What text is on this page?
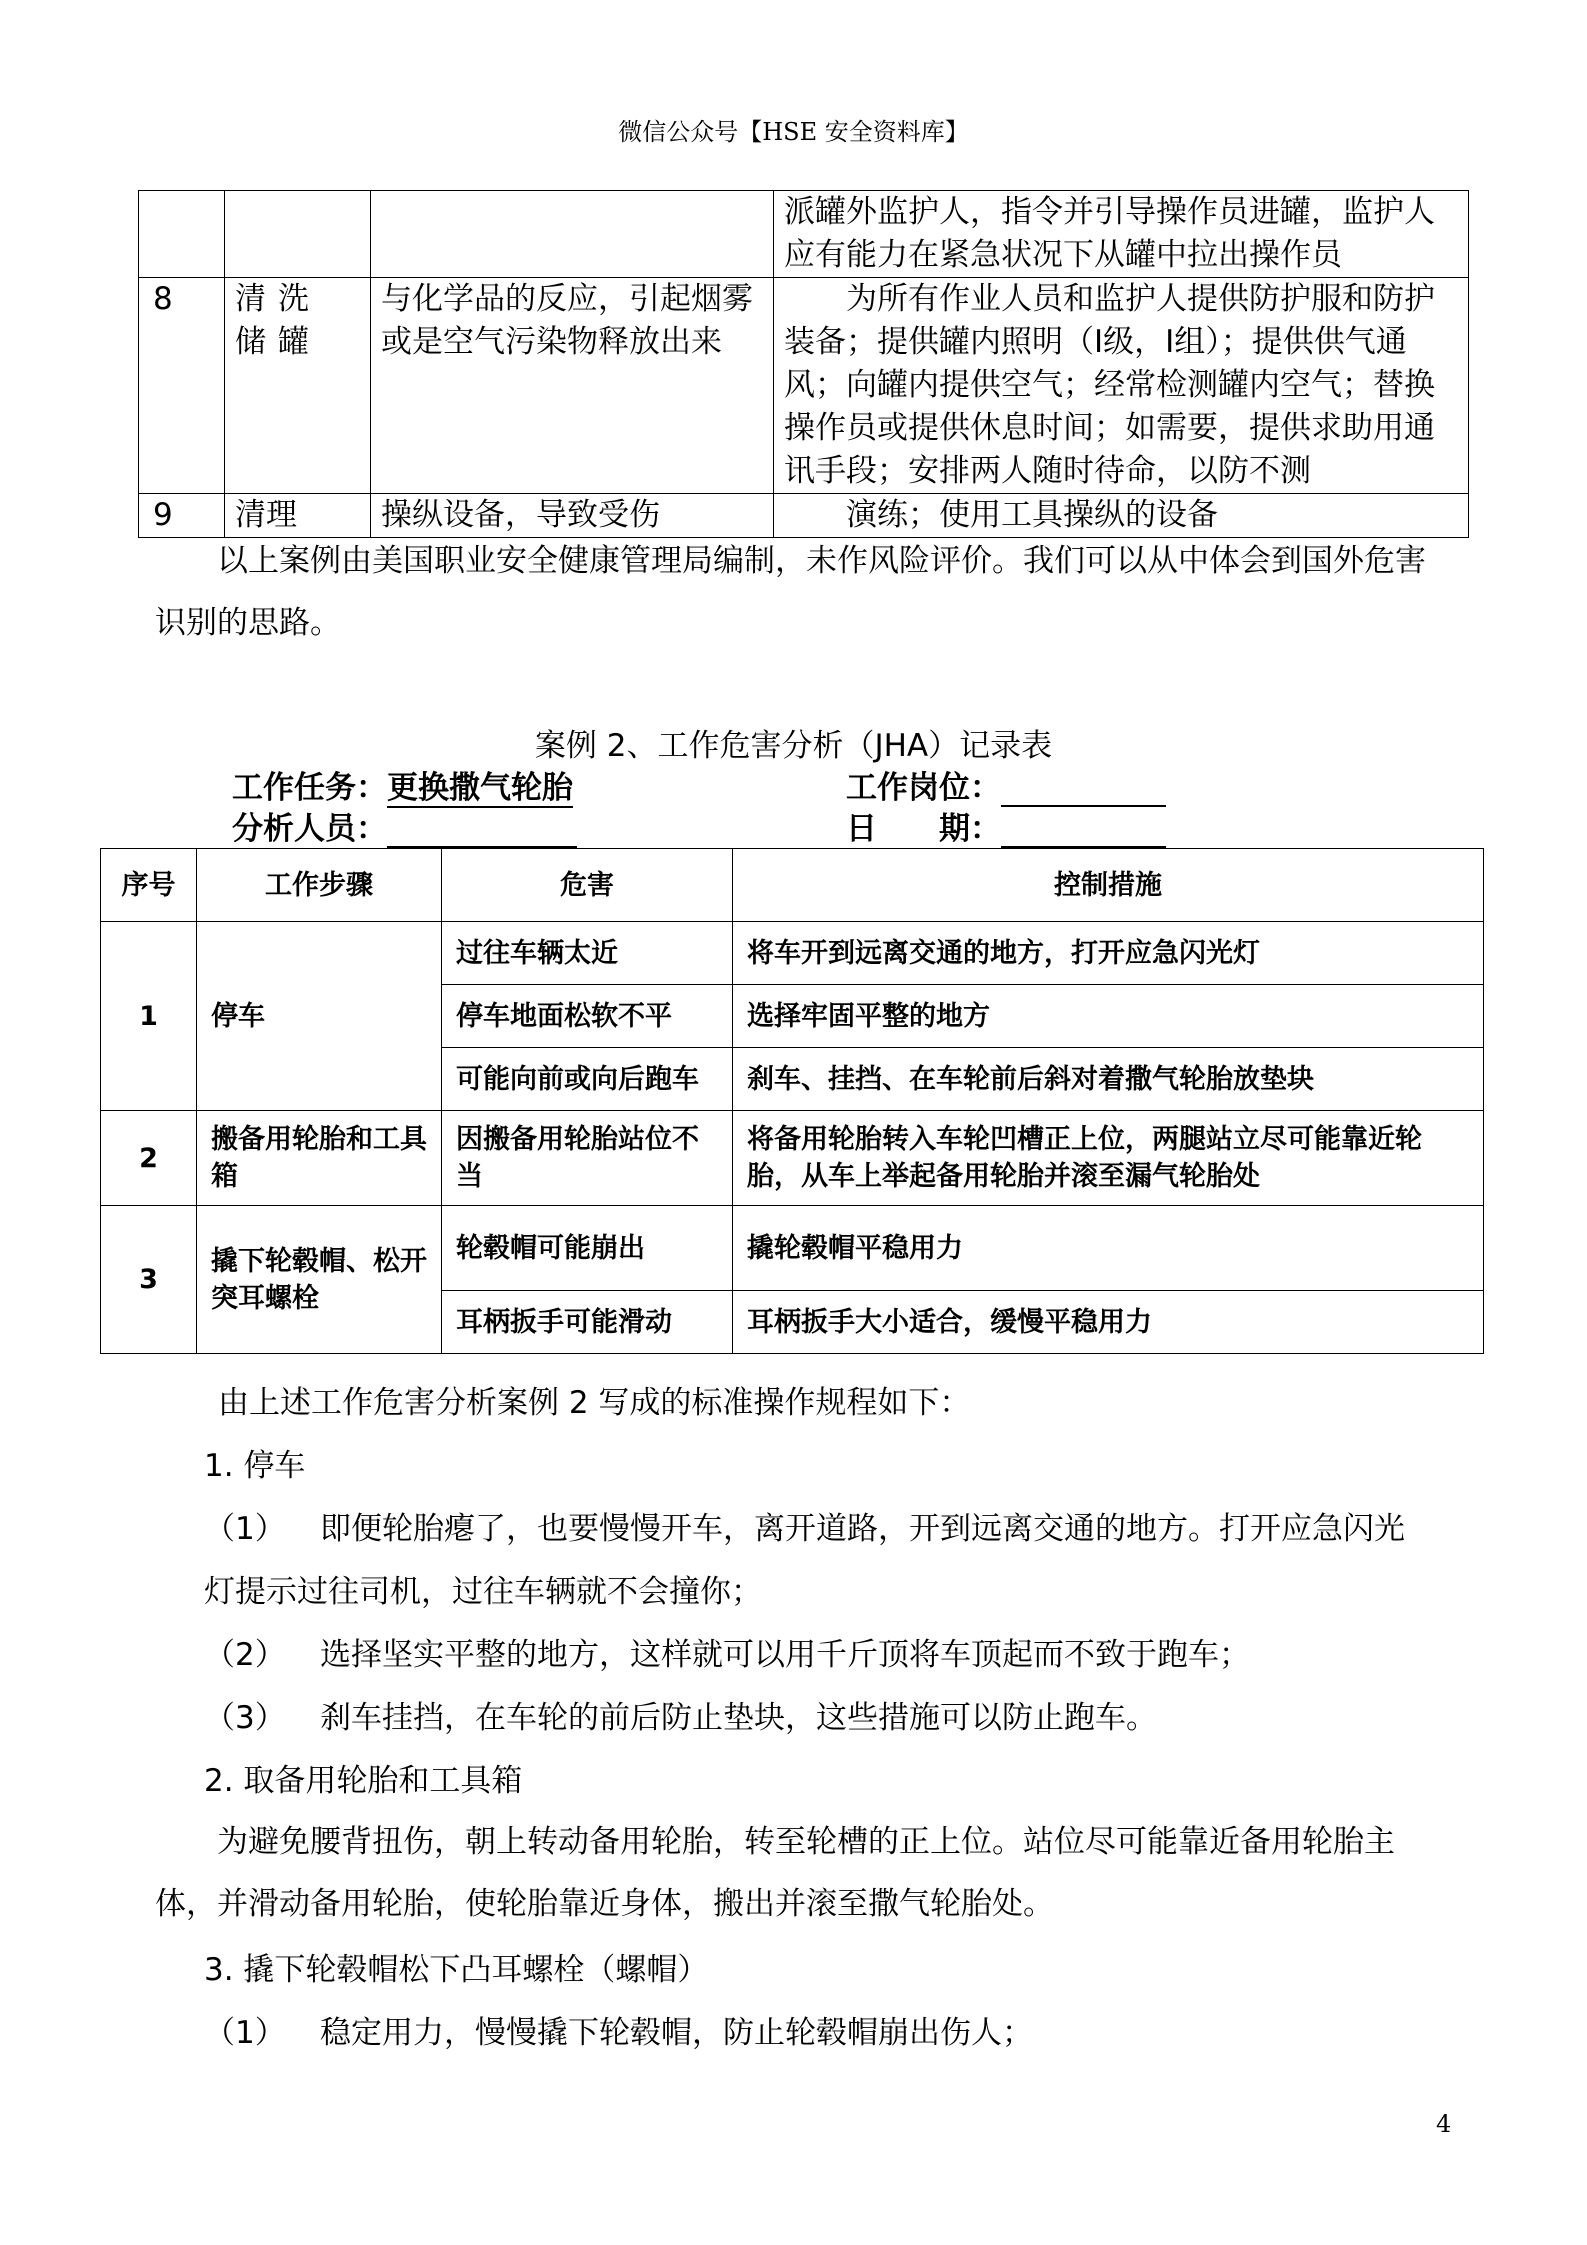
微信公众号【HSE 安全资料库】
			派罐外监护人，指令并引导操作员进罐，监护人应有能力在紧急状况下从罐中拉出操作员
8	清洗储罐	与化学品的反应，引起烟雾或是空气污染物释放出来	为所有作业人员和监护人提供防护服和防护装备；提供罐内照明（Ⅰ级，Ⅰ组）；提供供气通风；向罐内提供空气；经常检测罐内空气；替换操作员或提供休息时间；如需要，提供求助用通讯手段；安排两人随时待命，以防不测
9	清理	操纵设备，导致受伤	演练；使用工具操纵的设备
以上案例由美国职业安全健康管理局编制，未作风险评价。我们可以从中体会到国外危害识别的思路。
案例 2、工作危害分析（JHA）记录表
工作任务：更换撒气轮胎	工作岗位：
分析人员：	日　　期：
序号	工作步骤	危害	控制措施
1	停车	过往车辆太近	将车开到远离交通的地方，打开应急闪光灯
		停车地面松软不平	选择牢固平整的地方
		可能向前或向后跑车	刹车、挂挡、在车轮前后斜对着撒气轮胎放垫块
2	搬备用轮胎和工具箱	因搬备用轮胎站位不当	将备用轮胎转入车轮凹槽正上位，两腿站立尽可能靠近轮胎，从车上举起备用轮胎并滚至漏气轮胎处
3	撬下轮毂帽、松开突耳螺栓	轮毂帽可能崩出	撬轮毂帽平稳用力
		耳柄扳手可能滑动	耳柄扳手大小适合，缓慢平稳用力
由上述工作危害分析案例 2 写成的标准操作规程如下：
1. 停车
（1） 即便轮胎瘪了，也要慢慢开车，离开道路，开到远离交通的地方。打开应急闪光
灯提示过往司机，过往车辆就不会撞你；
（2） 选择坚实平整的地方，这样就可以用千斤顶将车顶起而不致于跑车；
（3） 刹车挂挡，在车轮的前后防止垫块，这些措施可以防止跑车。
2. 取备用轮胎和工具箱
为避免腰背扭伤，朝上转动备用轮胎，转至轮槽的正上位。站位尽可能靠近备用轮胎主体，并滑动备用轮胎，使轮胎靠近身体，搬出并滚至撒气轮胎处。
3. 撬下轮毂帽松下凸耳螺栓（螺帽）
（1） 稳定用力，慢慢撬下轮毂帽，防止轮毂帽崩出伤人；
4
